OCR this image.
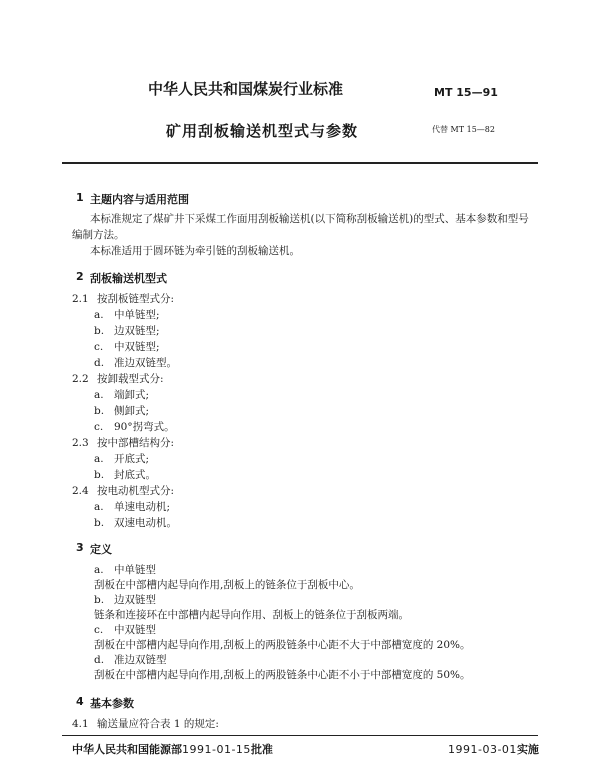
中华人民共和国煤炭行业标准	MT 15—91
矿用刮板输送机型式与参数	代替 MT 15—82
1 主题内容与适用范围
本标准规定了煤矿井下采煤工作面用刮板输送机(以下简称刮板输送机)的型式、基本参数和型号
编制方法。
本标准适用于圆环链为牵引链的刮板输送机。
2 刮板输送机型式
2.1 按刮板链型式分:
a. 中单链型;
b. 边双链型;
c. 中双链型;
d. 准边双链型。
2.2 按卸载型式分:
a. 端卸式;
b. 侧卸式;
c. 90°拐弯式。
2.3 按中部槽结构分:
a. 开底式;
b. 封底式。
2.4 按电动机型式分:
a. 单速电动机;
b. 双速电动机。
3 定义
a. 中单链型
刮板在中部槽内起导向作用,刮板上的链条位于刮板中心。
b. 边双链型
链条和连接环在中部槽内起导向作用、刮板上的链条位于刮板两端。
c. 中双链型
刮板在中部槽内起导向作用,刮板上的两股链条中心距不大于中部槽宽度的 20%。
d. 准边双链型
刮板在中部槽内起导向作用,刮板上的两股链条中心距不小于中部槽宽度的 50%。
4 基本参数
4.1 输送量应符合表 1 的规定:
中华人民共和国能源部1991-01-15批准	1991-03-01实施
